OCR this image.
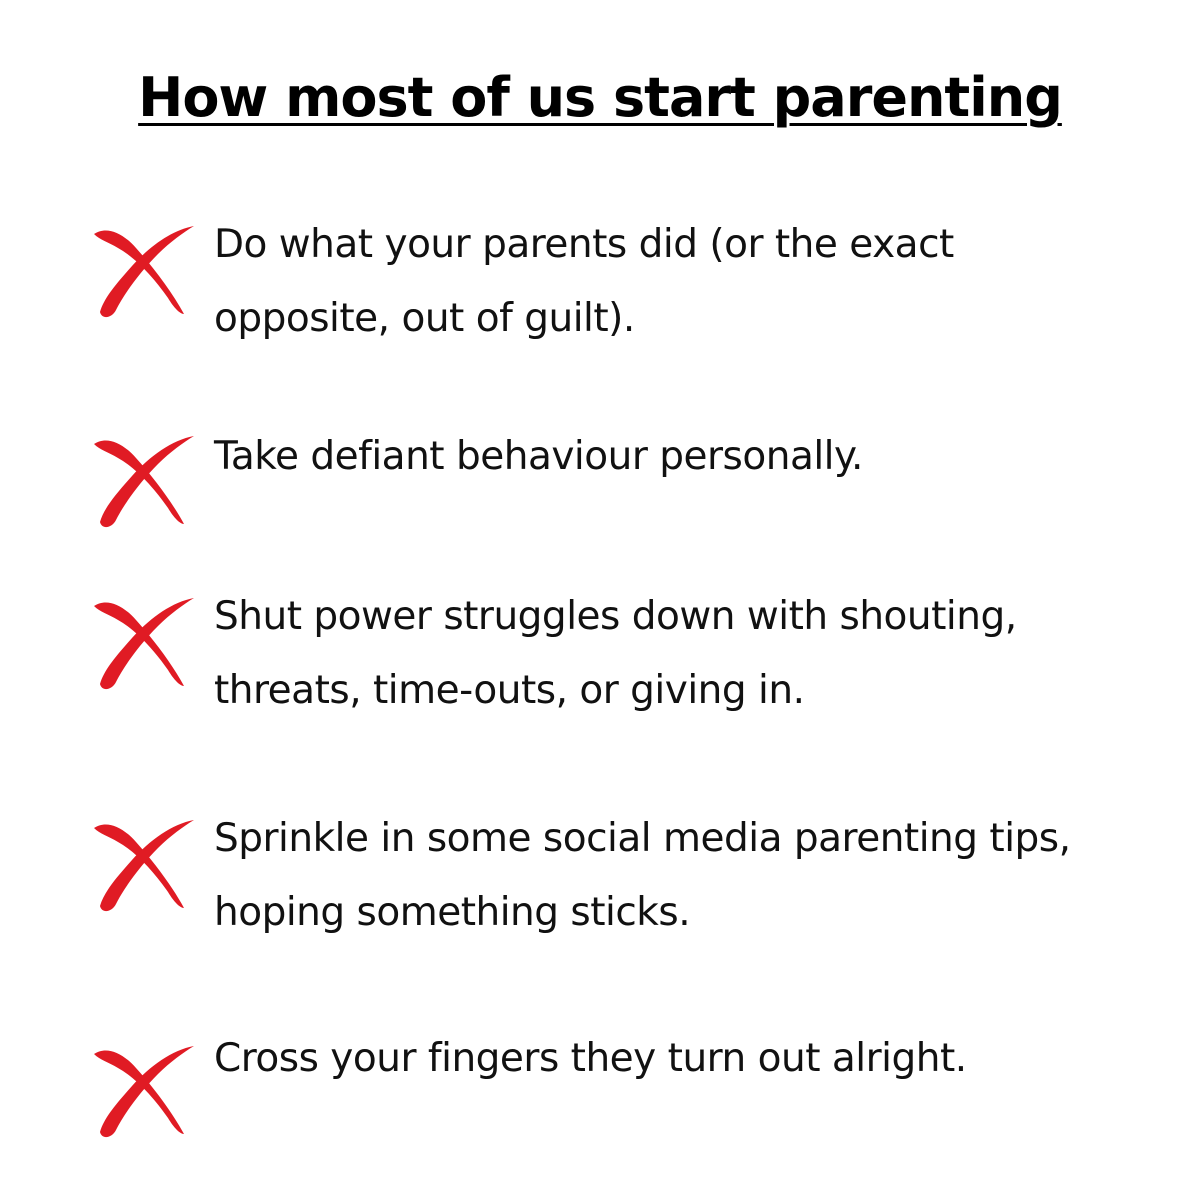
How most of us start parenting
Do what your parents did (or the exact opposite, out of guilt).
Take defiant behaviour personally.
Shut power struggles down with shouting, threats, time-outs, or giving in.
Sprinkle in some social media parenting tips, hoping something sticks.
Cross your fingers they turn out alright.
